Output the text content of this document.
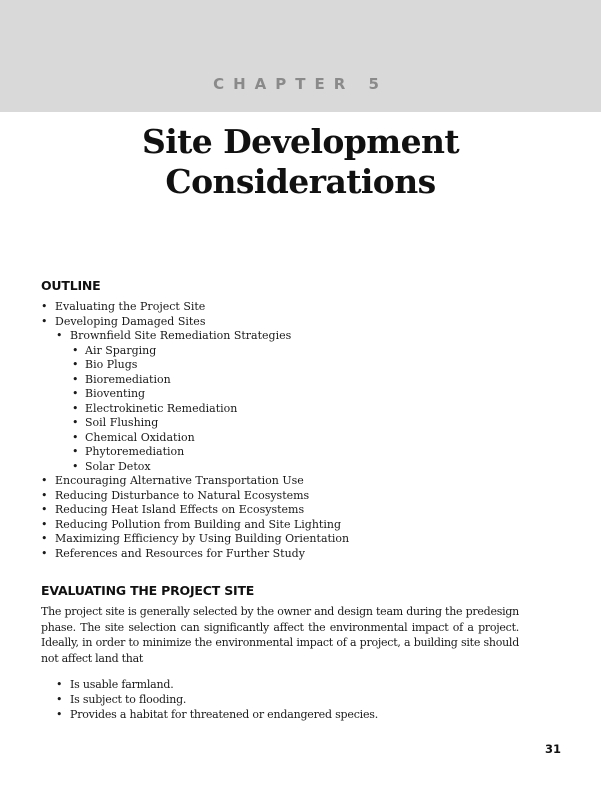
CHAPTER 5
Site Development
Considerations
OUTLINE
• Evaluating the Project Site
• Developing Damaged Sites
• Brownfield Site Remediation Strategies
• Air Sparging
• Bio Plugs
• Bioremediation
• Bioventing
• Electrokinetic Remediation
• Soil Flushing
• Chemical Oxidation
• Phytoremediation
• Solar Detox
• Encouraging Alternative Transportation Use
• Reducing Disturbance to Natural Ecosystems
• Reducing Heat Island Effects on Ecosystems
• Reducing Pollution from Building and Site Lighting
• Maximizing Efficiency by Using Building Orientation
• References and Resources for Further Study
EVALUATING THE PROJECT SITE

The project site is generally selected by the owner and design team during the predesign phase. The site selection can significantly affect the environmental impact of a project. Ideally, in order to minimize the environmental impact of a project, a building site should not affect land that

• Is usable farmland.
• Is subject to flooding.
• Provides a habitat for threatened or endangered species.
31
